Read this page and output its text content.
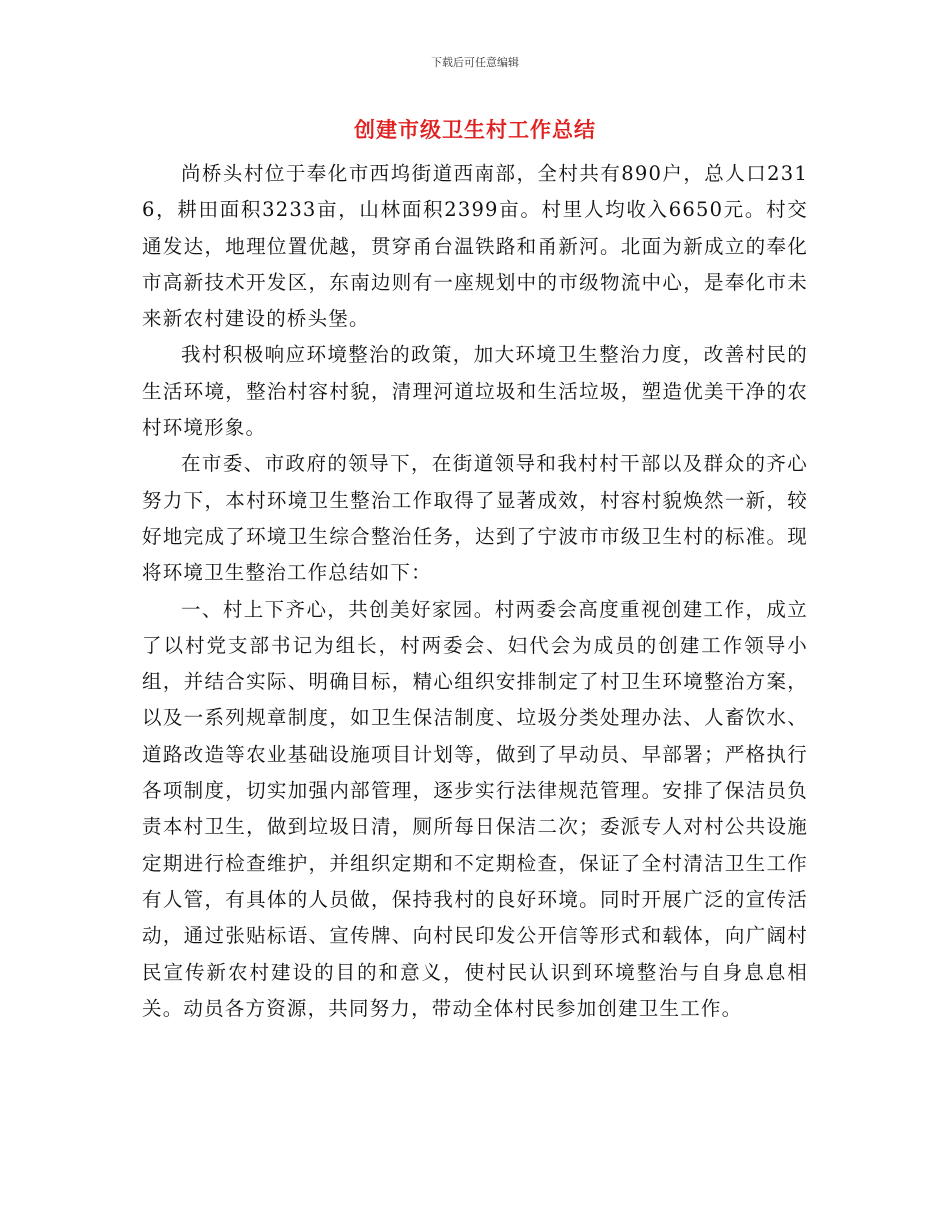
下载后可任意编辑
创建市级卫生村工作总结

尚桥头村位于奉化市西坞街道西南部，全村共有890户，总人口2316，耕田面积3233亩，山林面积2399亩。村里人均收入6650元。村交通发达，地理位置优越，贯穿甬台温铁路和甬新河。北面为新成立的奉化市高新技术开发区，东南边则有一座规划中的市级物流中心，是奉化市未来新农村建设的桥头堡。

我村积极响应环境整治的政策，加大环境卫生整治力度，改善村民的生活环境，整治村容村貌，清理河道垃圾和生活垃圾，塑造优美干净的农村环境形象。

在市委、市政府的领导下，在街道领导和我村村干部以及群众的齐心努力下，本村环境卫生整治工作取得了显著成效，村容村貌焕然一新，较好地完成了环境卫生综合整治任务，达到了宁波市市级卫生村的标准。现将环境卫生整治工作总结如下：

一、村上下齐心，共创美好家园。村两委会高度重视创建工作，成立了以村党支部书记为组长，村两委会、妇代会为成员的创建工作领导小组，并结合实际、明确目标，精心组织安排制定了村卫生环境整治方案，以及一系列规章制度，如卫生保洁制度、垃圾分类处理办法、人畜饮水、道路改造等农业基础设施项目计划等，做到了早动员、早部署；严格执行各项制度，切实加强内部管理，逐步实行法律规范管理。安排了保洁员负责本村卫生，做到垃圾日清，厕所每日保洁二次；委派专人对村公共设施定期进行检查维护，并组织定期和不定期检查，保证了全村清洁卫生工作有人管，有具体的人员做，保持我村的良好环境。同时开展广泛的宣传活动，通过张贴标语、宣传牌、向村民印发公开信等形式和载体，向广阔村民宣传新农村建设的目的和意义，使村民认识到环境整治与自身息息相关。动员各方资源，共同努力，带动全体村民参加创建卫生工作。
